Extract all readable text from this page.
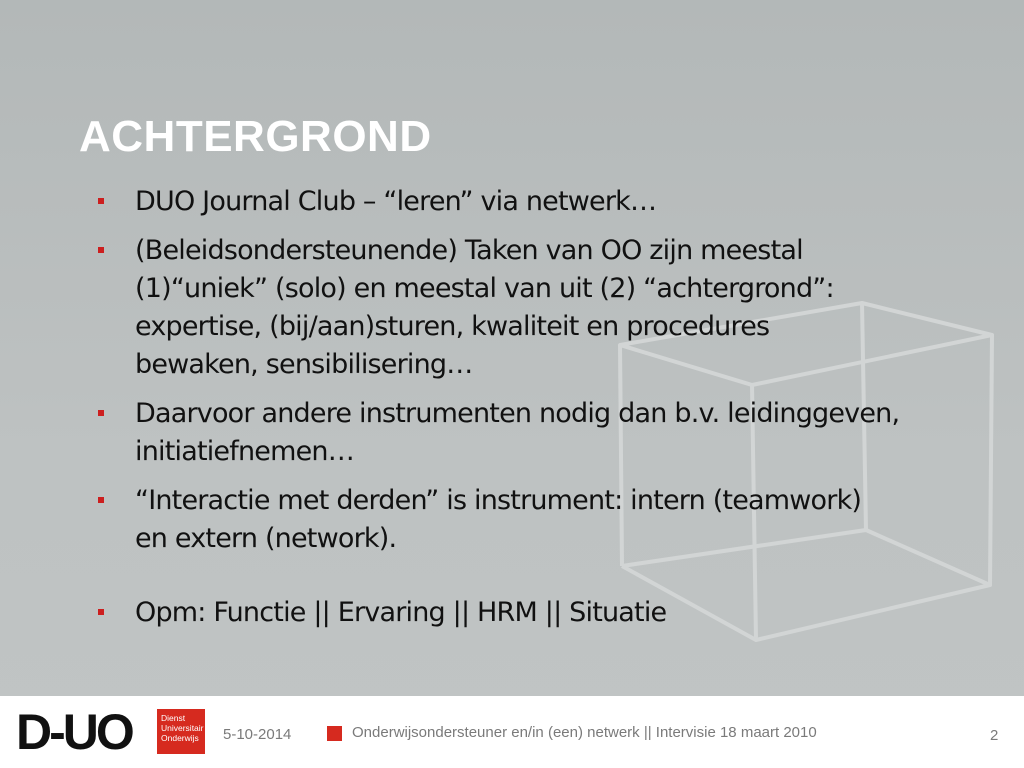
ACHTERGROND
DUO Journal Club – “leren” via netwerk…
(Beleidsondersteunende) Taken van OO zijn meestal
(1)“uniek” (solo) en meestal van uit (2) “achtergrond”:
expertise, (bij/aan)sturen, kwaliteit en procedures
bewaken, sensibilisering…
Daarvoor andere instrumenten nodig dan b.v. leidinggeven,
initiatiefnemen…
“Interactie met derden” is instrument: intern (teamwork)
en extern (network).
Opm: Functie || Ervaring || HRM || Situatie
D-UO	Dienst
Universitair
Onderwijs 5-10-2014	Onderwijsondersteuner en/in (een) netwerk || Intervisie 18 maart 2010	2
